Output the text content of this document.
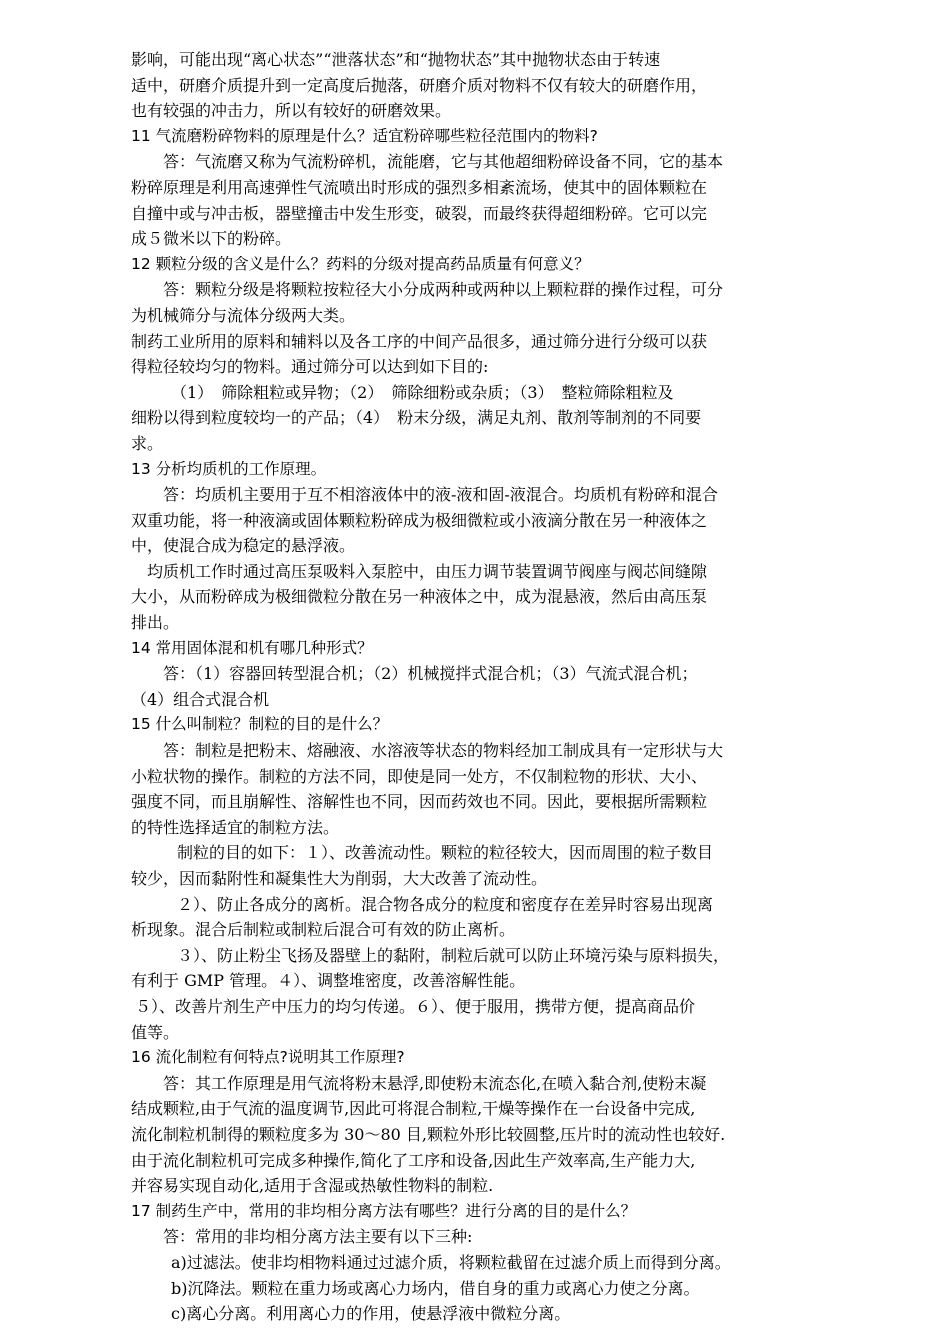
影响，可能出现“离心状态”“泄落状态”和“抛物状态”其中抛物状态由于转速
适中，研磨介质提升到一定高度后抛落，研磨介质对物料不仅有较大的研磨作用，
也有较强的冲击力，所以有较好的研磨效果。
11 气流磨粉碎物料的原理是什么？适宜粉碎哪些粒径范围内的物料?
答：气流磨又称为气流粉碎机，流能磨，它与其他超细粉碎设备不同，它的基本
粉碎原理是利用高速弹性气流喷出时形成的强烈多相紊流场，使其中的固体颗粒在
自撞中或与冲击板，器壁撞击中发生形变，破裂，而最终获得超细粉碎。它可以完
成５微米以下的粉碎。
12 颗粒分级的含义是什么？药料的分级对提高药品质量有何意义？
答：颗粒分级是将颗粒按粒径大小分成两种或两种以上颗粒群的操作过程，可分
为机械筛分与流体分级两大类。
制药工业所用的原料和辅料以及各工序的中间产品很多，通过筛分进行分级可以获
得粒径较均匀的物料。通过筛分可以达到如下目的:
（1）　筛除粗粒或异物；（2）　筛除细粉或杂质；（3）　整粒筛除粗粒及
细粉以得到粒度较均一的产品；（4）　粉末分级，满足丸剂、散剂等制剂的不同要
求。
13 分析均质机的工作原理。
答：均质机主要用于互不相溶液体中的液-液和固-液混合。均质机有粉碎和混合
双重功能，将一种液滴或固体颗粒粉碎成为极细微粒或小液滴分散在另一种液体之
中，使混合成为稳定的悬浮液。
均质机工作时通过高压泵吸料入泵腔中，由压力调节装置调节阀座与阀芯间缝隙
大小，从而粉碎成为极细微粒分散在另一种液体之中，成为混悬液，然后由高压泵
排出。
14 常用固体混和机有哪几种形式？
答：（1）容器回转型混合机；（2）机械搅拌式混合机；（3）气流式混合机；
（4）组合式混合机
15 什么叫制粒？制粒的目的是什么？
答：制粒是把粉末、熔融液、水溶液等状态的物料经加工制成具有一定形状与大
小粒状物的操作。制粒的方法不同，即使是同一处方，不仅制粒物的形状、大小、
强度不同，而且崩解性、溶解性也不同，因而药效也不同。因此，要根据所需颗粒
的特性选择适宜的制粒方法。
制粒的目的如下：１）、改善流动性。颗粒的粒径较大，因而周围的粒子数目
较少，因而黏附性和凝集性大为削弱，大大改善了流动性。
２）、防止各成分的离析。混合物各成分的粒度和密度存在差异时容易出现离
析现象。混合后制粒或制粒后混合可有效的防止离析。
３）、防止粉尘飞扬及器壁上的黏附，制粒后就可以防止环境污染与原料损失，
有利于 GMP 管理。４）、调整堆密度，改善溶解性能。
５）、改善片剂生产中压力的均匀传递。６）、便于服用，携带方便，提高商品价
值等。
16 流化制粒有何特点?说明其工作原理?
答：其工作原理是用气流将粉末悬浮,即使粉末流态化,在喷入黏合剂,使粉末凝
结成颗粒,由于气流的温度调节,因此可将混合制粒,干燥等操作在一台设备中完成,
流化制粒机制得的颗粒度多为 30～80 目,颗粒外形比较圆整,压片时的流动性也较好.
由于流化制粒机可完成多种操作,简化了工序和设备,因此生产效率高,生产能力大,
并容易实现自动化,适用于含湿或热敏性物料的制粒.
17 制药生产中，常用的非均相分离方法有哪些？进行分离的目的是什么？
答：常用的非均相分离方法主要有以下三种:
a)过滤法。使非均相物料通过过滤介质，将颗粒截留在过滤介质上而得到分离。
b)沉降法。颗粒在重力场或离心力场内，借自身的重力或离心力使之分离。
c)离心分离。利用离心力的作用，使悬浮液中微粒分离。
